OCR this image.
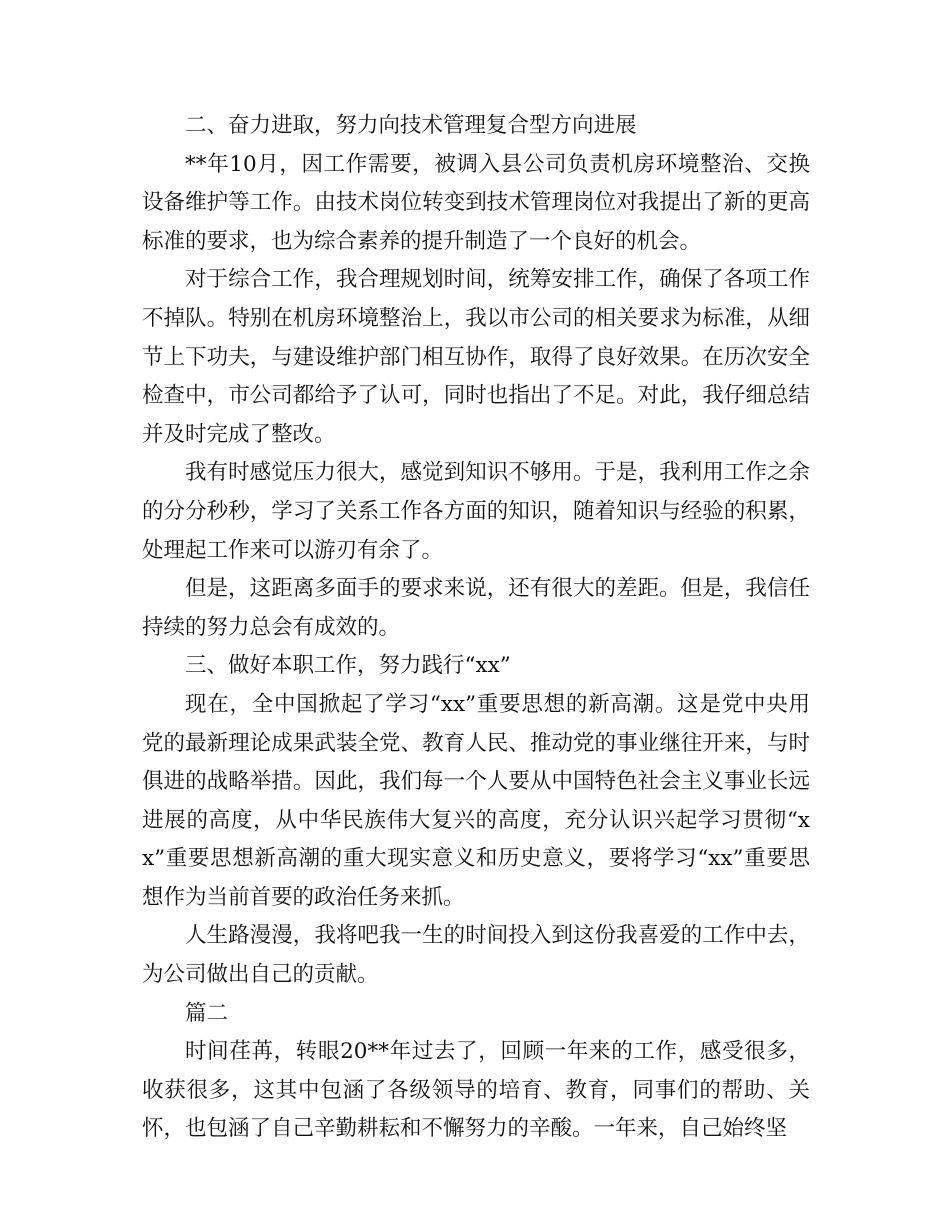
二、奋力进取，努力向技术管理复合型方向进展

**年10月，因工作需要，被调入县公司负责机房环境整治、交换设备维护等工作。由技术岗位转变到技术管理岗位对我提出了新的更高标准的要求，也为综合素养的提升制造了一个良好的机会。

对于综合工作，我合理规划时间，统筹安排工作，确保了各项工作不掉队。特别在机房环境整治上，我以市公司的相关要求为标准，从细节上下功夫，与建设维护部门相互协作，取得了良好效果。在历次安全检查中，市公司都给予了认可，同时也指出了不足。对此，我仔细总结并及时完成了整改。

我有时感觉压力很大，感觉到知识不够用。于是，我利用工作之余的分分秒秒，学习了关系工作各方面的知识，随着知识与经验的积累，处理起工作来可以游刃有余了。

但是，这距离多面手的要求来说，还有很大的差距。但是，我信任持续的努力总会有成效的。

三、做好本职工作，努力践行“xx”

现在，全中国掀起了学习“xx”重要思想的新高潮。这是党中央用党的最新理论成果武装全党、教育人民、推动党的事业继往开来，与时俱进的战略举措。因此，我们每一个人要从中国特色社会主义事业长远进展的高度，从中华民族伟大复兴的高度，充分认识兴起学习贯彻“xx”重要思想新高潮的重大现实意义和历史意义，要将学习“xx”重要思想作为当前首要的政治任务来抓。

人生路漫漫，我将吧我一生的时间投入到这份我喜爱的工作中去，为公司做出自己的贡献。

篇二

时间荏苒，转眼20**年过去了，回顾一年来的工作，感受很多，收获很多，这其中包涵了各级领导的培育、教育，同事们的帮助、关怀，也包涵了自己辛勤耕耘和不懈努力的辛酸。一年来，自己始终坚
